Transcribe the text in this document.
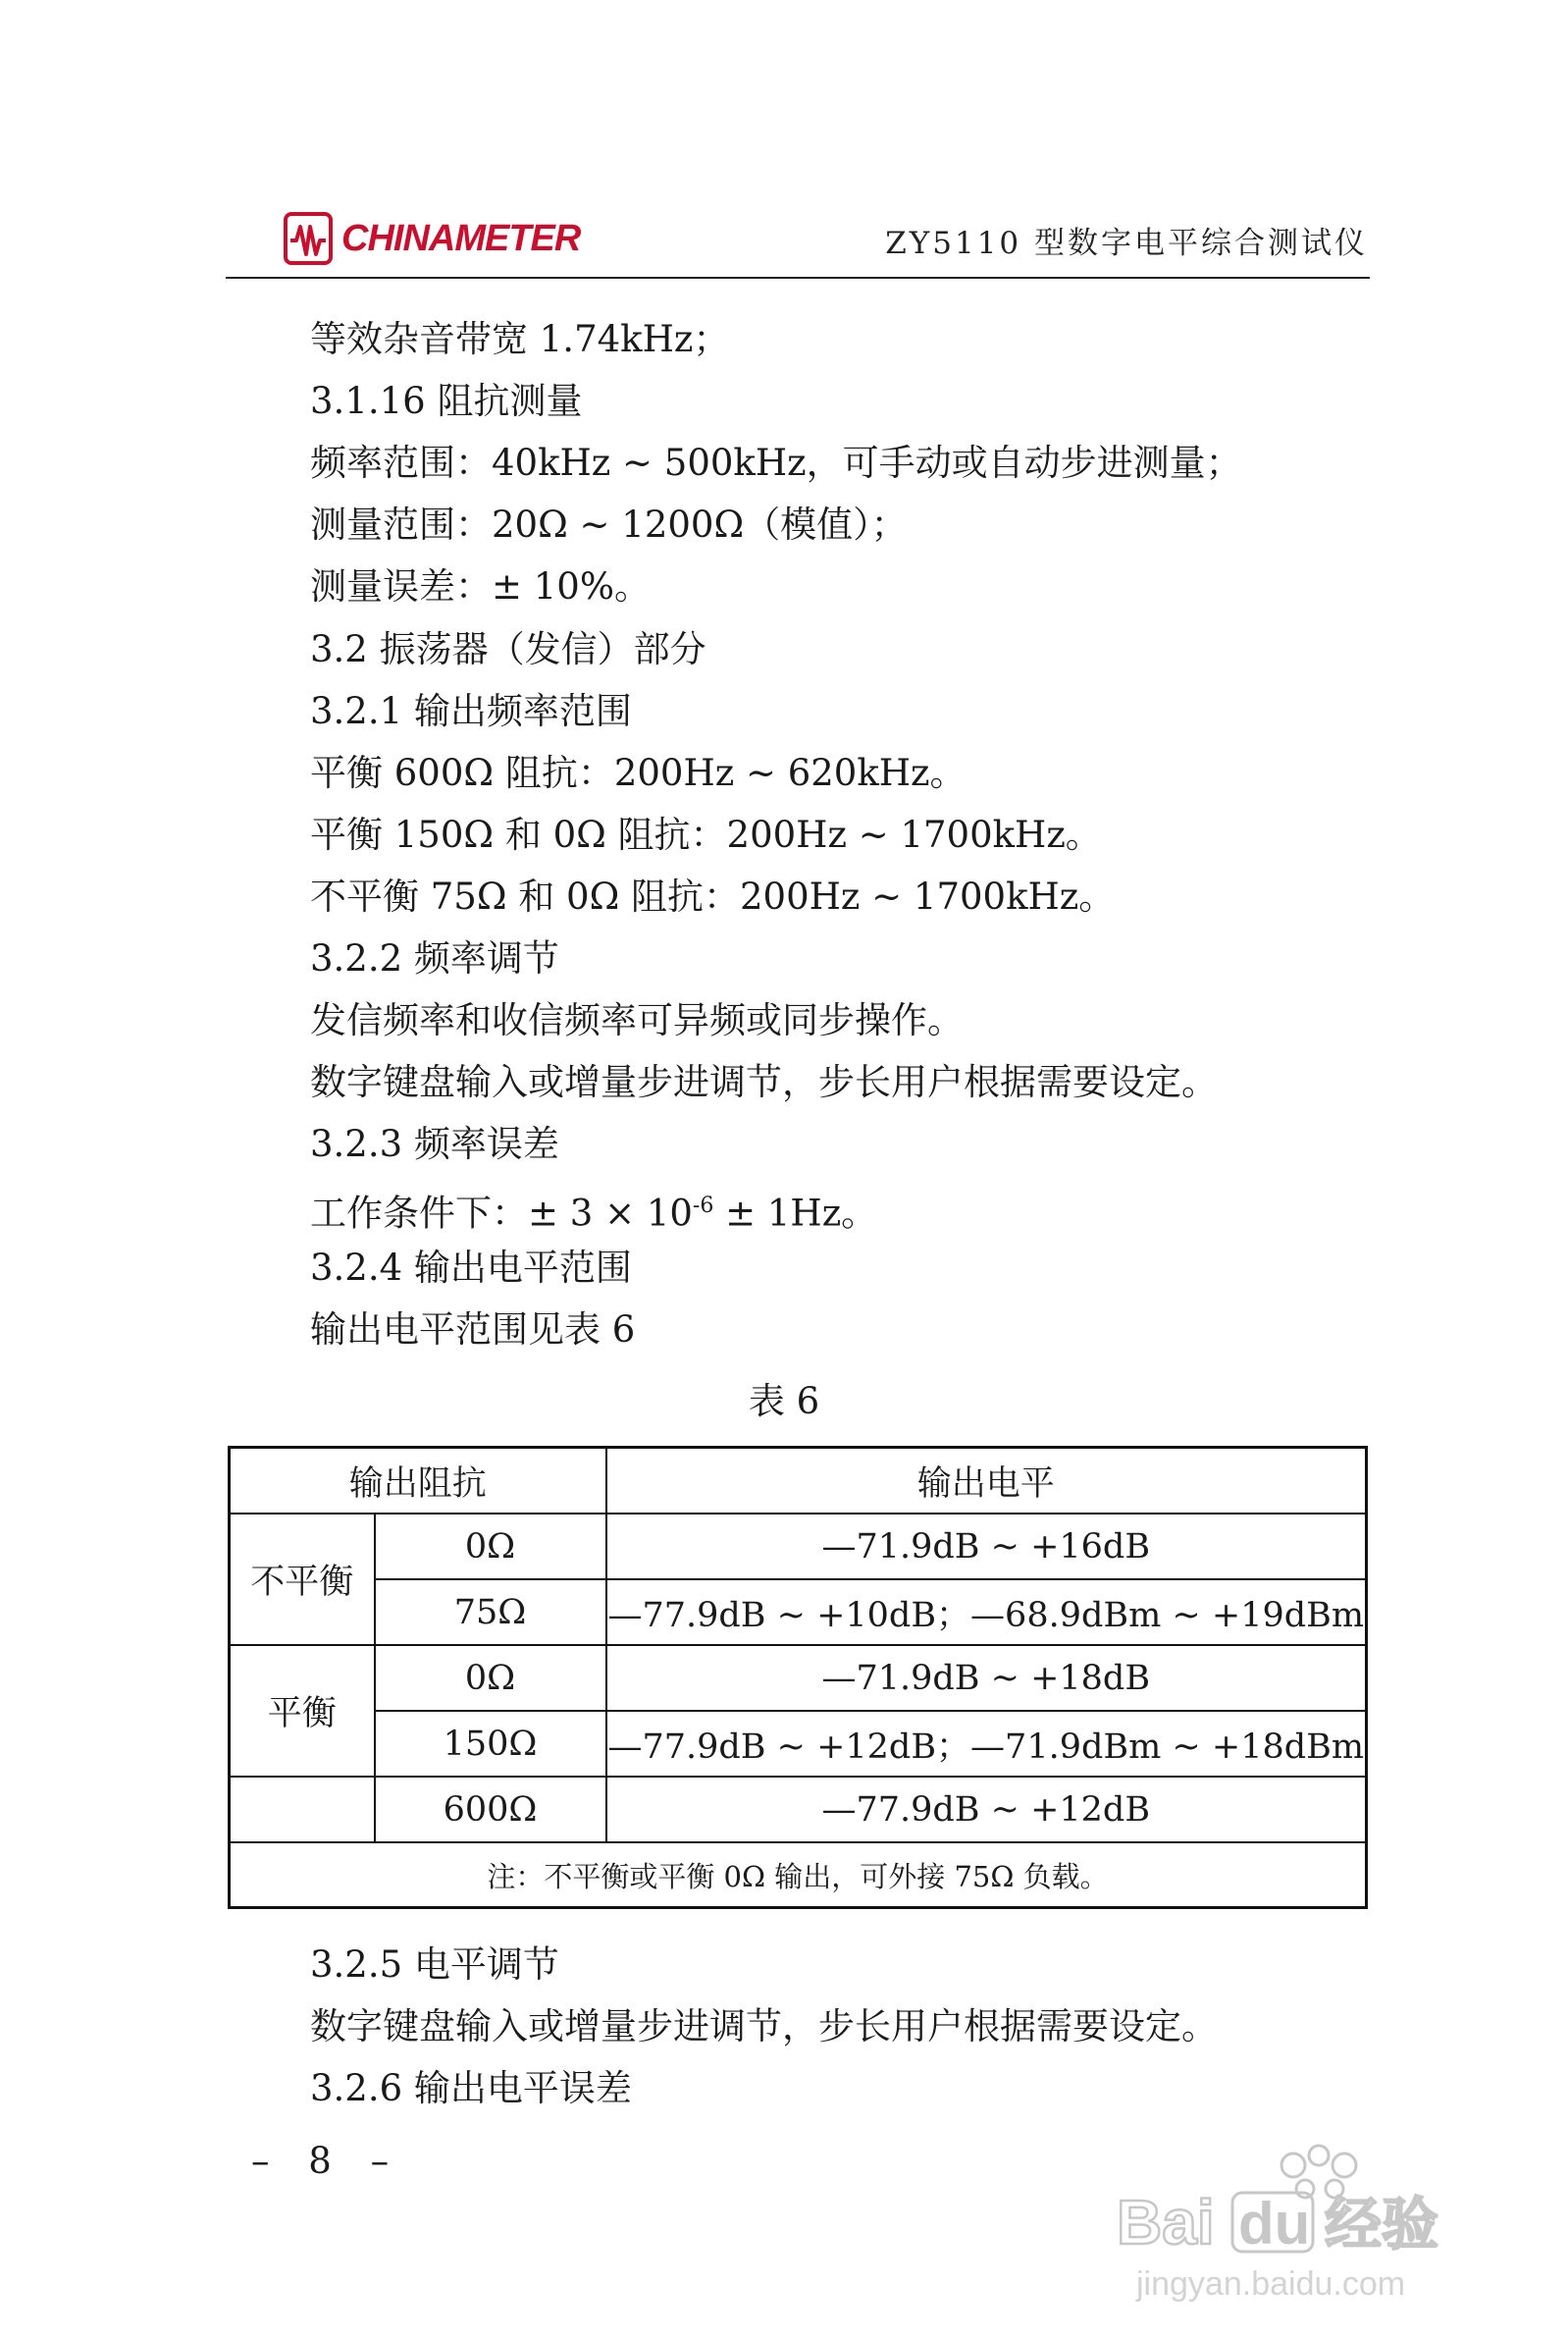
CHINAMETER	ZY5110 型数字电平综合测试仪
等效杂音带宽 1.74kHz；
3.1.16 阻抗测量
频率范围：40kHz ~ 500kHz，可手动或自动步进测量；
测量范围：20Ω ~ 1200Ω（模值）；
测量误差：± 10%。
3.2 振荡器（发信）部分
3.2.1 输出频率范围
平衡 600Ω 阻抗：200Hz ~ 620kHz。
平衡 150Ω 和 0Ω 阻抗：200Hz ~ 1700kHz。
不平衡 75Ω 和 0Ω 阻抗：200Hz ~ 1700kHz。
3.2.2 频率调节
发信频率和收信频率可异频或同步操作。
数字键盘输入或增量步进调节，步长用户根据需要设定。
3.2.3 频率误差
工作条件下：± $3 \times 10^{-6} \pm 1Hz$。
3.2.4 输出电平范围
输出电平范围见表 6
表 6
输出阻抗		输出电平
不平衡	0Ω	—71.9dB ~ +16dB
	75Ω	—77.9dB ~ +10dB；—68.9dBm ~ +19dBm
平衡	0Ω	—71.9dB ~ +18dB
	150Ω	—77.9dB ~ +12dB；—71.9dBm ~ +18dBm
	600Ω	—77.9dB ~ +12dB
注：不平衡或平衡 0Ω 输出，可外接 75Ω 负载。		
3.2.5 电平调节
数字键盘输入或增量步进调节，步长用户根据需要设定。
3.2.6 输出电平误差
– 8 –
Bai du 经验
jingyan.baidu.com
